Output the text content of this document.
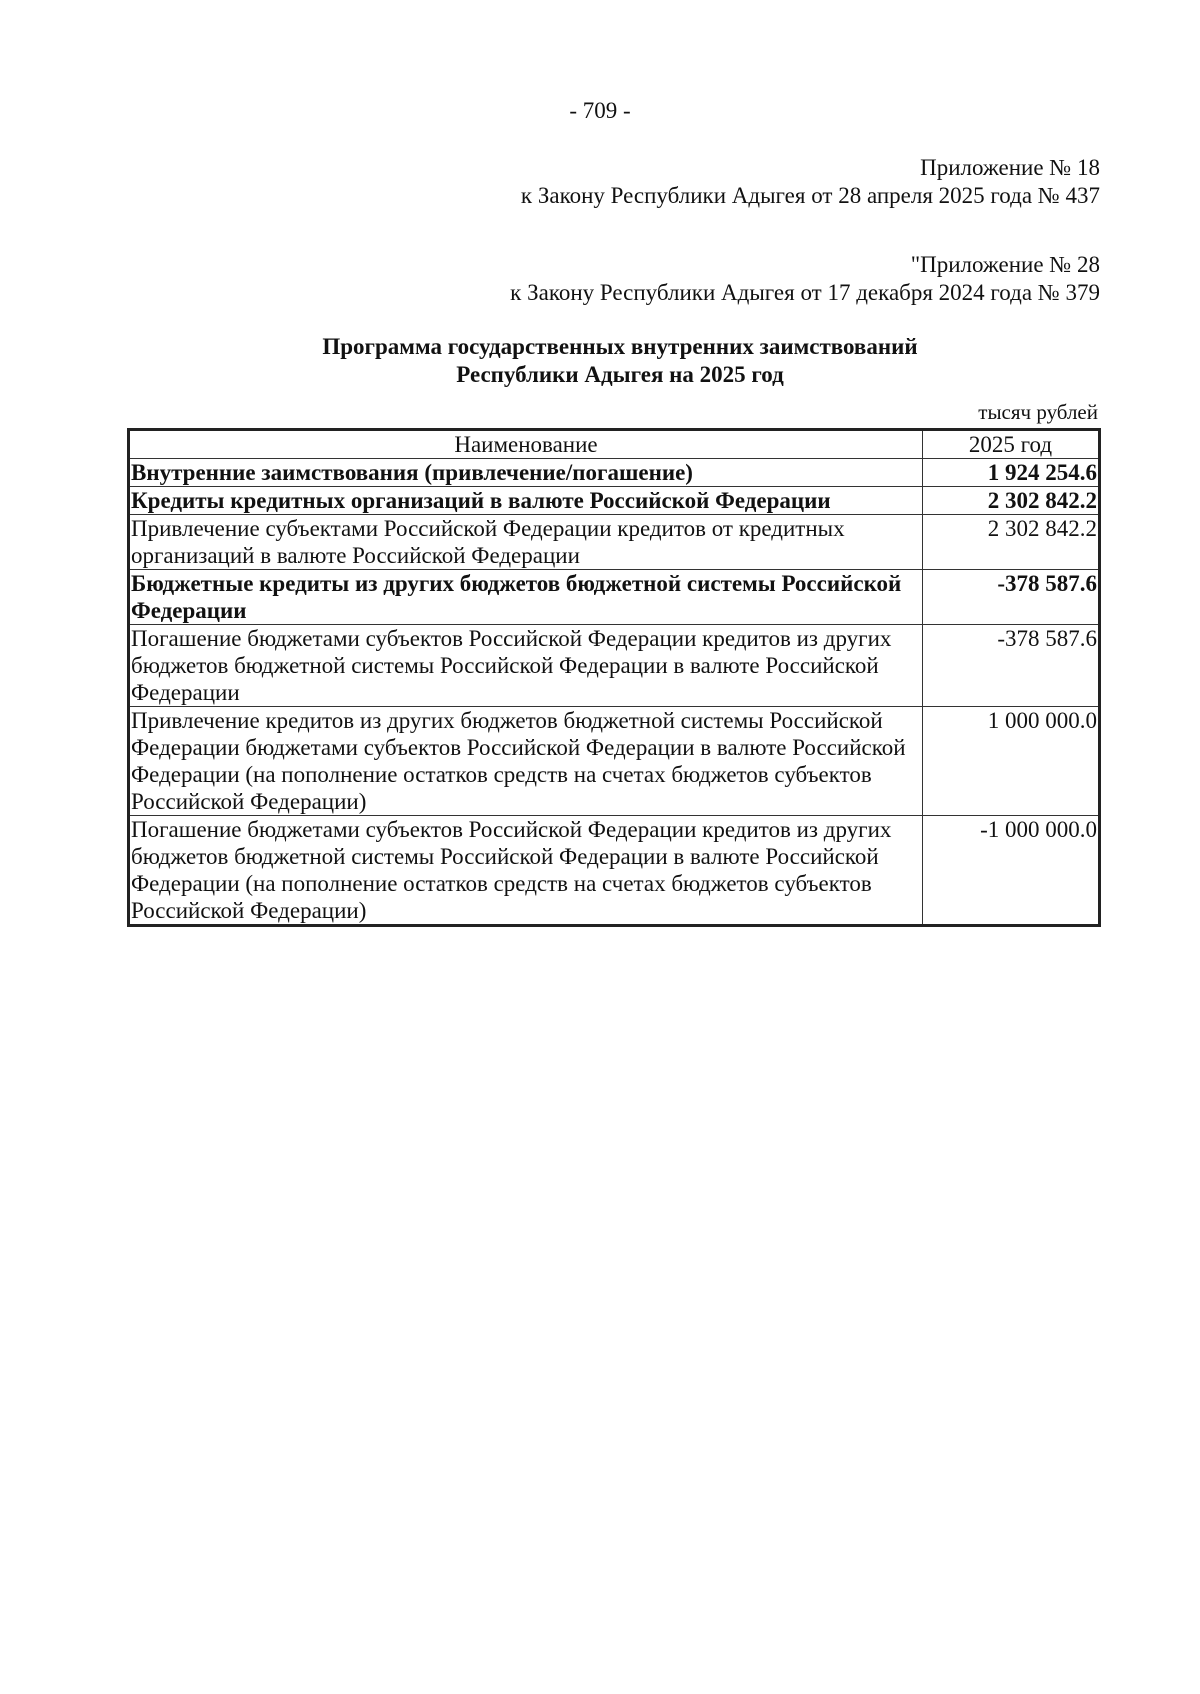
- 709 -
Приложение № 18
к Закону Республики Адыгея от 28 апреля 2025 года № 437
"Приложение № 28
к Закону Республики Адыгея от 17 декабря 2024 года № 379
Программа государственных внутренних заимствований
Республики Адыгея на 2025 год
тысяч рублей
Наименование	2025 год
Внутренние заимствования (привлечение/погашение)	1 924 254.6
Кредиты кредитных организаций в валюте Российской Федерации	2 302 842.2
Привлечение субъектами Российской Федерации кредитов от кредитных организаций в валюте Российской Федерации	2 302 842.2
Бюджетные кредиты из других бюджетов бюджетной системы Российской Федерации	-378 587.6
Погашение бюджетами субъектов Российской Федерации кредитов из других бюджетов бюджетной системы Российской Федерации в валюте Российской Федерации	-378 587.6
Привлечение кредитов из других бюджетов бюджетной системы Российской Федерации бюджетами субъектов Российской Федерации в валюте Российской Федерации (на пополнение остатков средств на счетах бюджетов субъектов Российской Федерации)	1 000 000.0
Погашение бюджетами субъектов Российской Федерации кредитов из других бюджетов бюджетной системы Российской Федерации в валюте Российской Федерации (на пополнение остатков средств на счетах бюджетов субъектов Российской Федерации)	-1 000 000.0
